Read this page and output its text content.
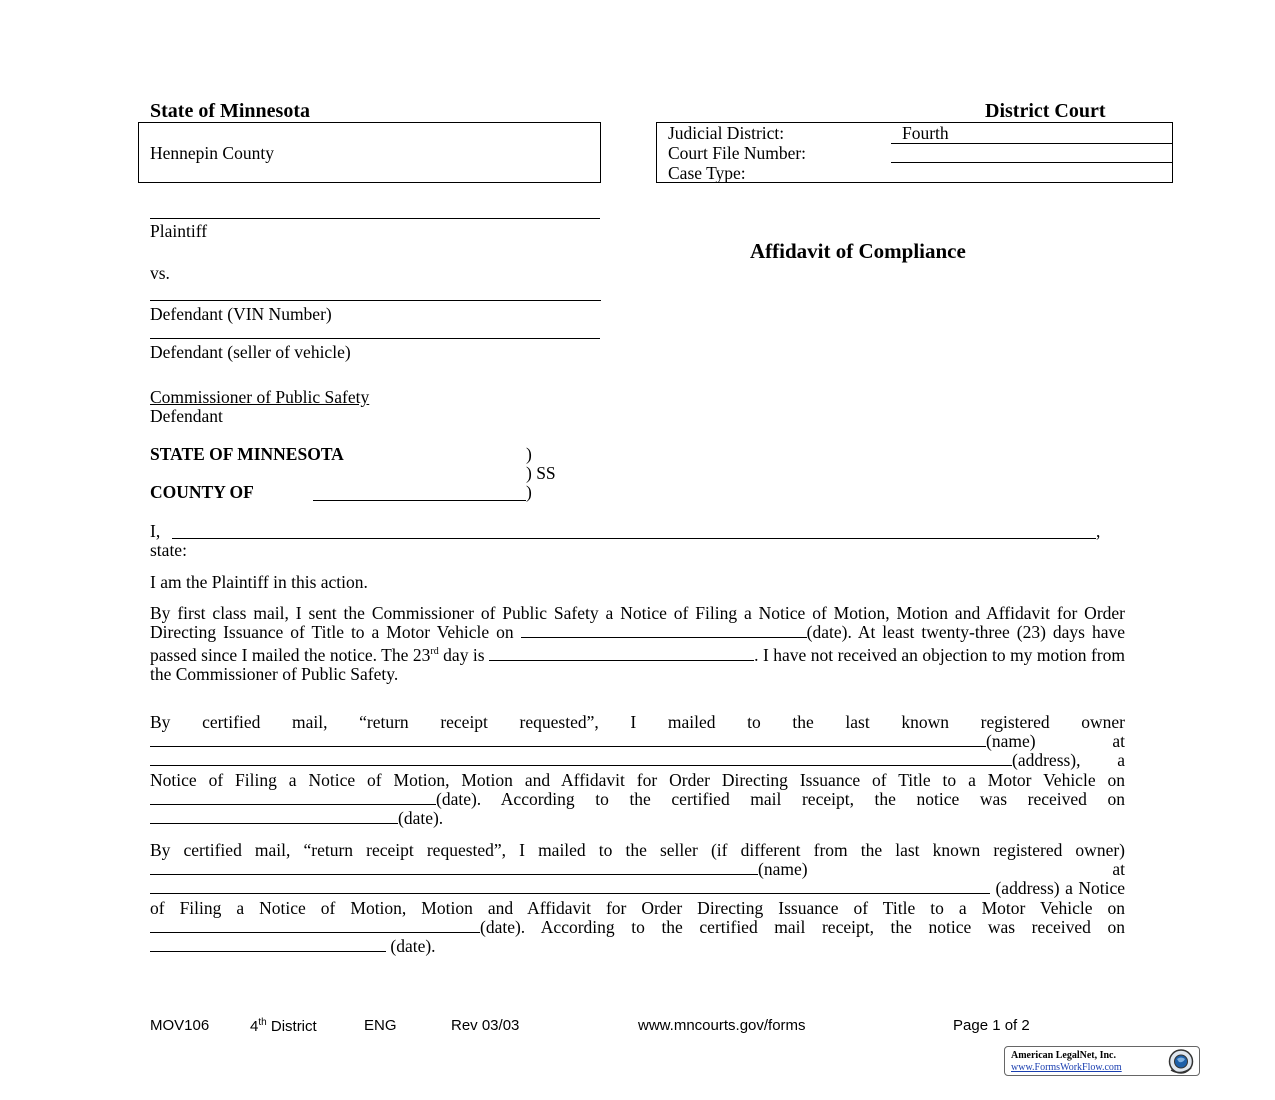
State of Minnesota	District Court
Hennepin County
Judicial District:	Fourth
Court File Number:
Case Type:
Plaintiff
vs.
Defendant (VIN Number)
Defendant (seller of vehicle)
Commissioner of Public Safety
Defendant
Affidavit of Compliance
STATE OF MINNESOTA	)
) SS
COUNTY OF	)
I,	,
state:
I am the Plaintiff in this action.
By first class mail, I sent the Commissioner of Public Safety a Notice of Filing a Notice of Motion, Motion and Affidavit for Order Directing Issuance of Title to a Motor Vehicle on	(date). At least twenty-three (23) days have passed since I mailed the notice. The 23rd day is	. I have not received an objection to my motion from the Commissioner of Public Safety.
By certified mail, “return receipt requested”, I mailed to the last known registered owner (name) at (address), a Notice of Filing a Notice of Motion, Motion and Affidavit for Order Directing Issuance of Title to a Motor Vehicle on (date). According to the certified mail receipt, the notice was received on (date).
By certified mail, “return receipt requested”, I mailed to the seller (if different from the last known registered owner) (name)	at  (address) a Notice of Filing a Notice of Motion, Motion and Affidavit for Order Directing Issuance of Title to a Motor Vehicle on (date). According to the certified mail receipt, the notice was received on  (date).
MOV106	4th District	ENG	Rev 03/03	www.mncourts.gov/forms	Page 1 of 2
American LegalNet, Inc.
www.FormsWorkFlow.com
